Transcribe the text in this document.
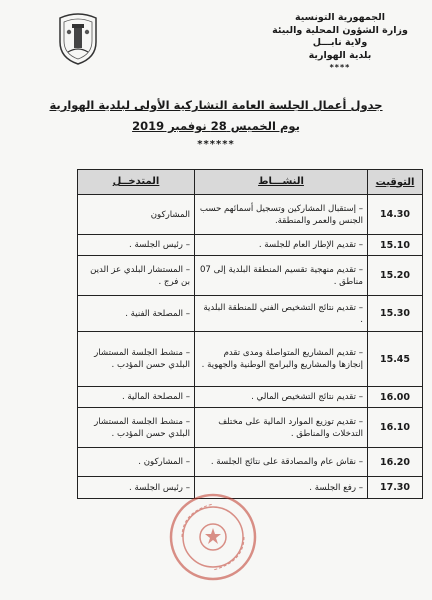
الجمهورية التونسية
وزارة الشؤون المحلية والبيئة
ولاية نابـــل
بلدية الهوارية
****
جدول أعمال الجلسة العامة التشاركية الأولى لبلدية الهوارية
يوم الخميس 28 نوفمبر 2019
******
التوقيت	النشـــاط	المتدخــل
14.30	– إستقبال المشاركين وتسجيل أسمائهم حسب الجنس والعمر والمنطقة.	المشاركون
15.10	– تقديم الإطار العام للجلسة .	– رئيس الجلسة .
15.20	– تقديم منهجية تقسيم المنطقة البلدية إلى 07 مناطق .	– المستشار البلدي عز الدين بن فرج .
15.30	– تقديم نتائج التشخيص الفني للمنطقة البلدية .	– المصلحة الفنية .
15.45	– تقديم المشاريع المتواصلة ومدى تقدم إنجازها والمشاريع والبرامج الوطنية والجهوية .	– منشط الجلسة المستشار البلدي حسن المؤدب .
16.00	– تقديم نتائج التشخيص المالي .	– المصلحة المالية .
16.10	– تقديم توزيع الموارد المالية على مختلف التدخلات والمناطق .	– منشط الجلسة المستشار البلدي حسن المؤدب .
16.20	– نقاش عام والمصادقة على نتائج الجلسة .	– المشاركون .
17.30	– رفع الجلسة .	– رئيس الجلسة .
